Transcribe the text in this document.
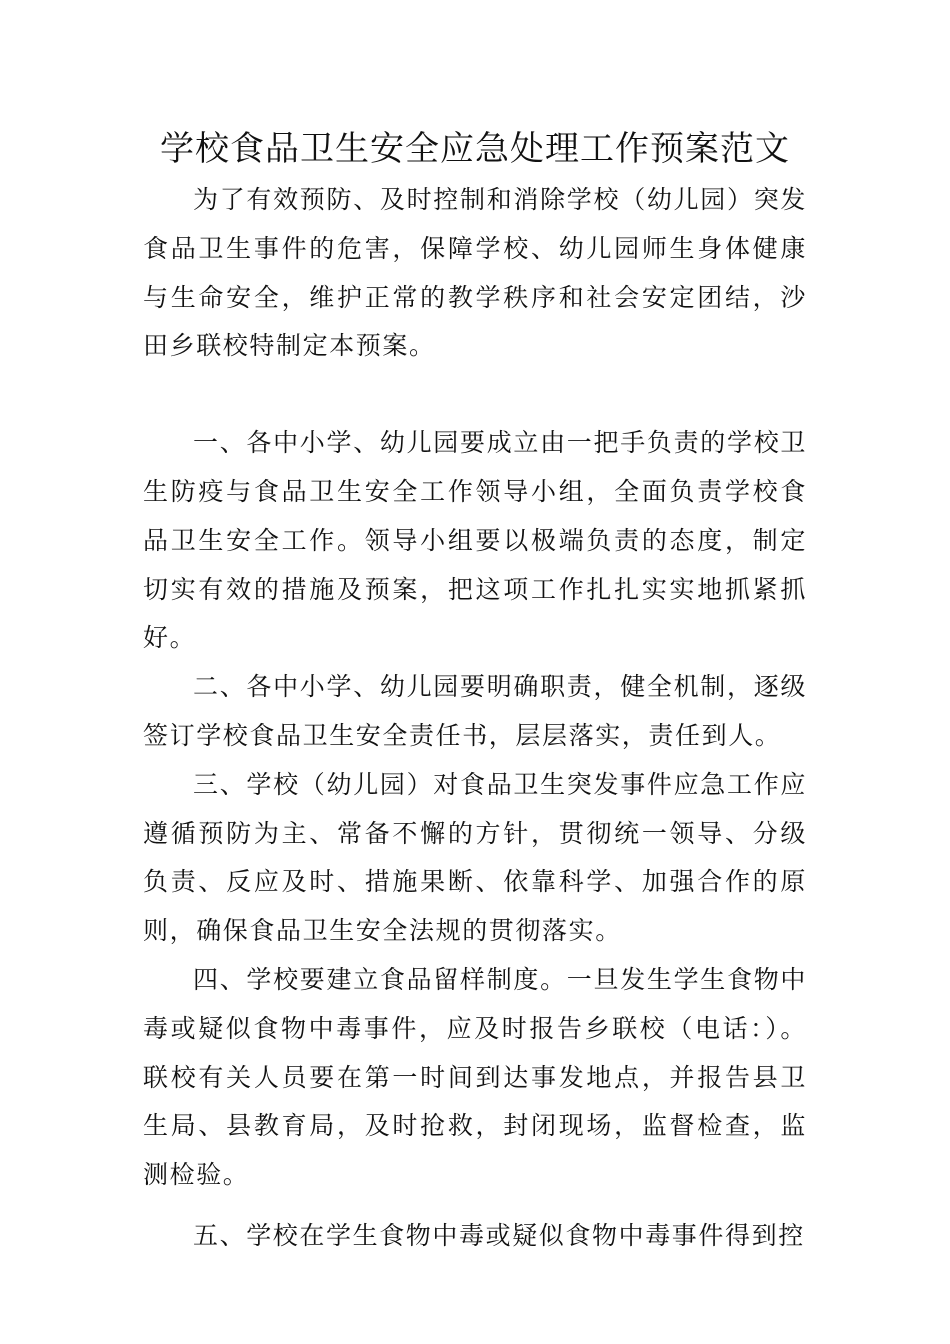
学校食品卫生安全应急处理工作预案范文

为了有效预防、及时控制和消除学校（幼儿园）突发食品卫生事件的危害，保障学校、幼儿园师生身体健康与生命安全，维护正常的教学秩序和社会安定团结，沙田乡联校特制定本预案。

一、各中小学、幼儿园要成立由一把手负责的学校卫生防疫与食品卫生安全工作领导小组，全面负责学校食品卫生安全工作。领导小组要以极端负责的态度，制定切实有效的措施及预案，把这项工作扎扎实实地抓紧抓好。

二、各中小学、幼儿园要明确职责，健全机制，逐级签订学校食品卫生安全责任书，层层落实，责任到人。

三、学校（幼儿园）对食品卫生突发事件应急工作应遵循预防为主、常备不懈的方针，贯彻统一领导、分级负责、反应及时、措施果断、依靠科学、加强合作的原则，确保食品卫生安全法规的贯彻落实。

四、学校要建立食品留样制度。一旦发生学生食物中毒或疑似食物中毒事件，应及时报告乡联校（电话：）。联校有关人员要在第一时间到达事发地点，并报告县卫生局、县教育局，及时抢救，封闭现场，监督检查，监测检验。

五、学校在学生食物中毒或疑似食物中毒事件得到控
